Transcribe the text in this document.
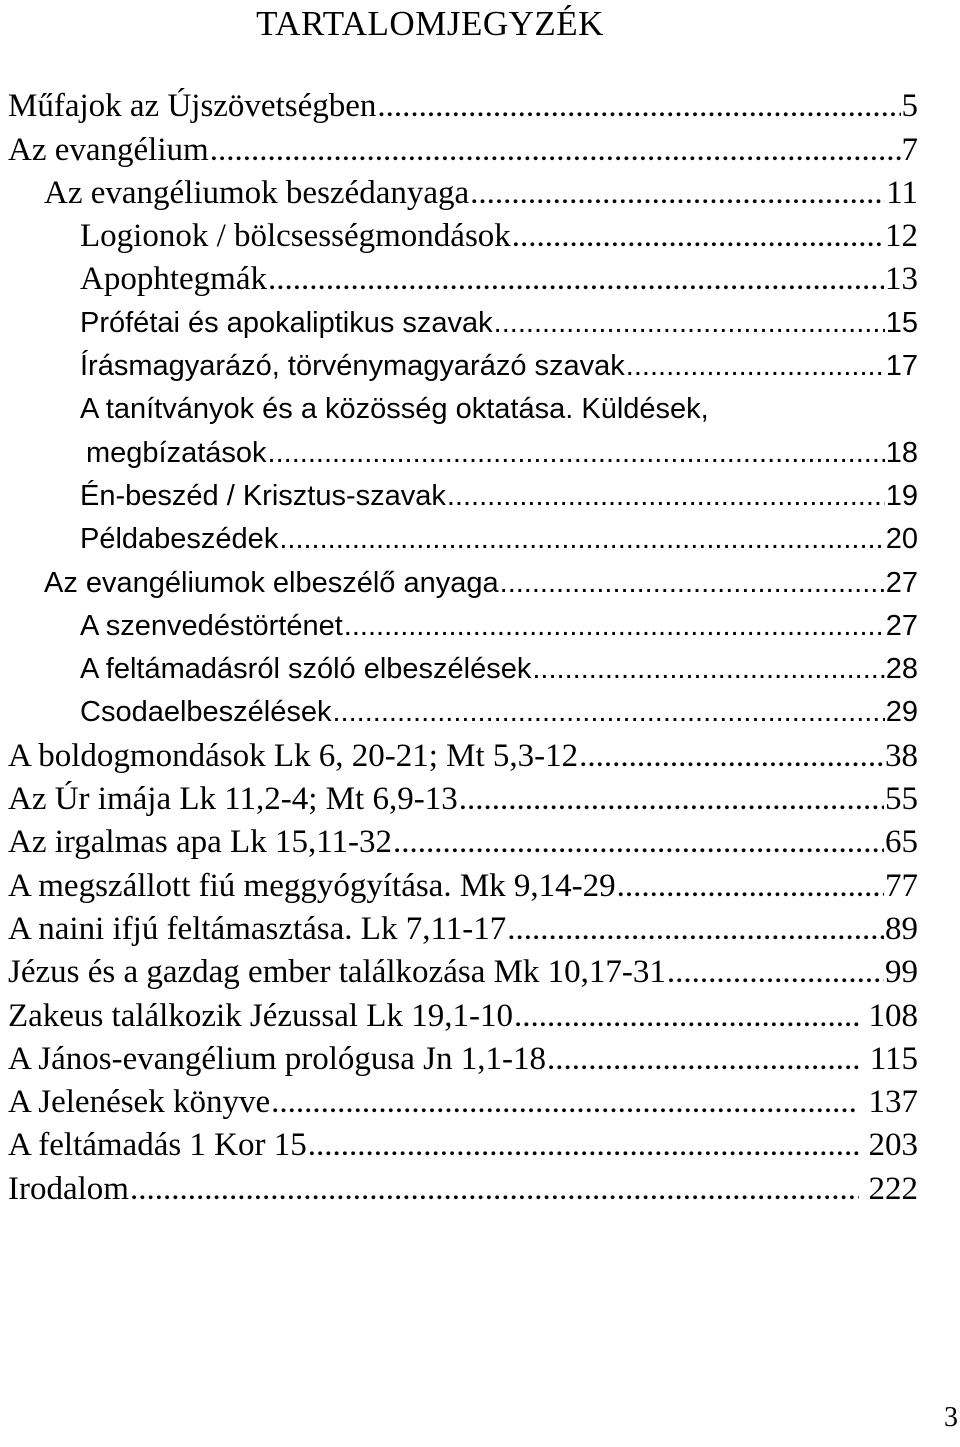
TARTALOMJEGYZÉK
Műfajok az Újszövetségben .....	5
Az evangélium .....	7
Az evangéliumok beszédanyaga .....	11
Logionok / bölcsességmondások .....	12
Apophtegmák .....	13
Prófétai és apokaliptikus szavak .....	15
Írásmagyarázó, törvénymagyarázó szavak .....	17
A tanítványok és a közösség oktatása. Küldések,
megbízatások .....	18
Én-beszéd / Krisztus-szavak .....	19
Példabeszédek .....	20
Az evangéliumok elbeszélő anyaga .....	27
A szenvedéstörténet .....	27
A feltámadásról szóló elbeszélések .....	28
Csodaelbeszélések .....	29
A boldogmondások Lk 6, 20-21; Mt 5,3-12 .....	38
Az Úr imája Lk 11,2-4; Mt 6,9-13 .....	55
Az irgalmas apa Lk 15,11-32 .....	65
A megszállott fiú meggyógyítása. Mk 9,14-29 .....	77
A naini ifjú feltámasztása. Lk 7,11-17 .....	89
Jézus és a gazdag ember találkozása Mk 10,17-31 .....	99
Zakeus találkozik Jézussal Lk 19,1-10 .....	108
A János-evangélium prológusa Jn 1,1-18 .....	115
A Jelenések könyve .....	137
A feltámadás 1 Kor 15 .....	203
Irodalom .....	222
3
